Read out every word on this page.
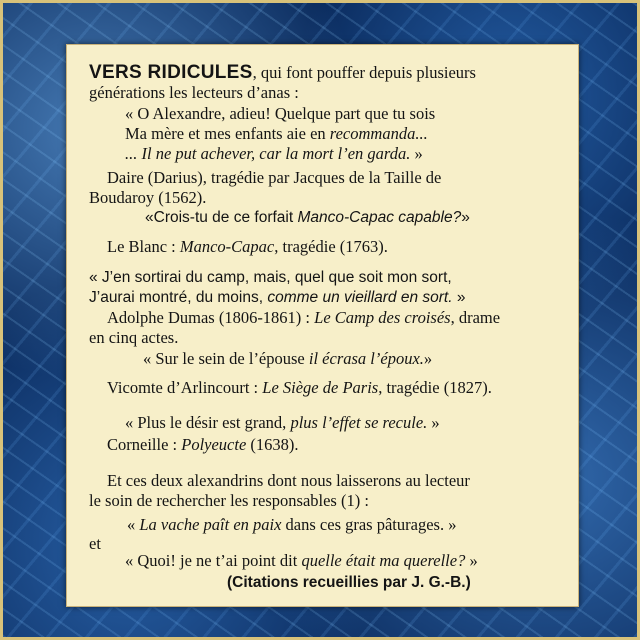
VERS RIDICULES, qui font pouffer depuis plusieurs
générations les lecteurs d’anas :
« O Alexandre, adieu! Quelque part que tu sois
Ma mère et mes enfants aie en recommanda...
... Il ne put achever, car la mort l’en garda. »
Daire (Darius), tragédie par Jacques de la Taille de
Boudaroy (1562).
«Crois-tu de ce forfait Manco-Capac capable?»
Le Blanc : Manco-Capac, tragédie (1763).
« J’en sortirai du camp, mais, quel que soit mon sort,
J’aurai montré, du moins, comme un vieillard en sort. »
Adolphe Dumas (1806-1861) : Le Camp des croisés, drame
en cinq actes.
« Sur le sein de l’épouse il écrasa l’époux.»
Vicomte d’Arlincourt : Le Siège de Paris, tragédie (1827).
« Plus le désir est grand, plus l’effet se recule. »
Corneille : Polyeucte (1638).
Et ces deux alexandrins dont nous laisserons au lecteur
le soin de rechercher les responsables (1) :
« La vache paît en paix dans ces gras pâturages. »
et
« Quoi! je ne t’ai point dit quelle était ma querelle? »
(Citations recueillies par J. G.-B.)
